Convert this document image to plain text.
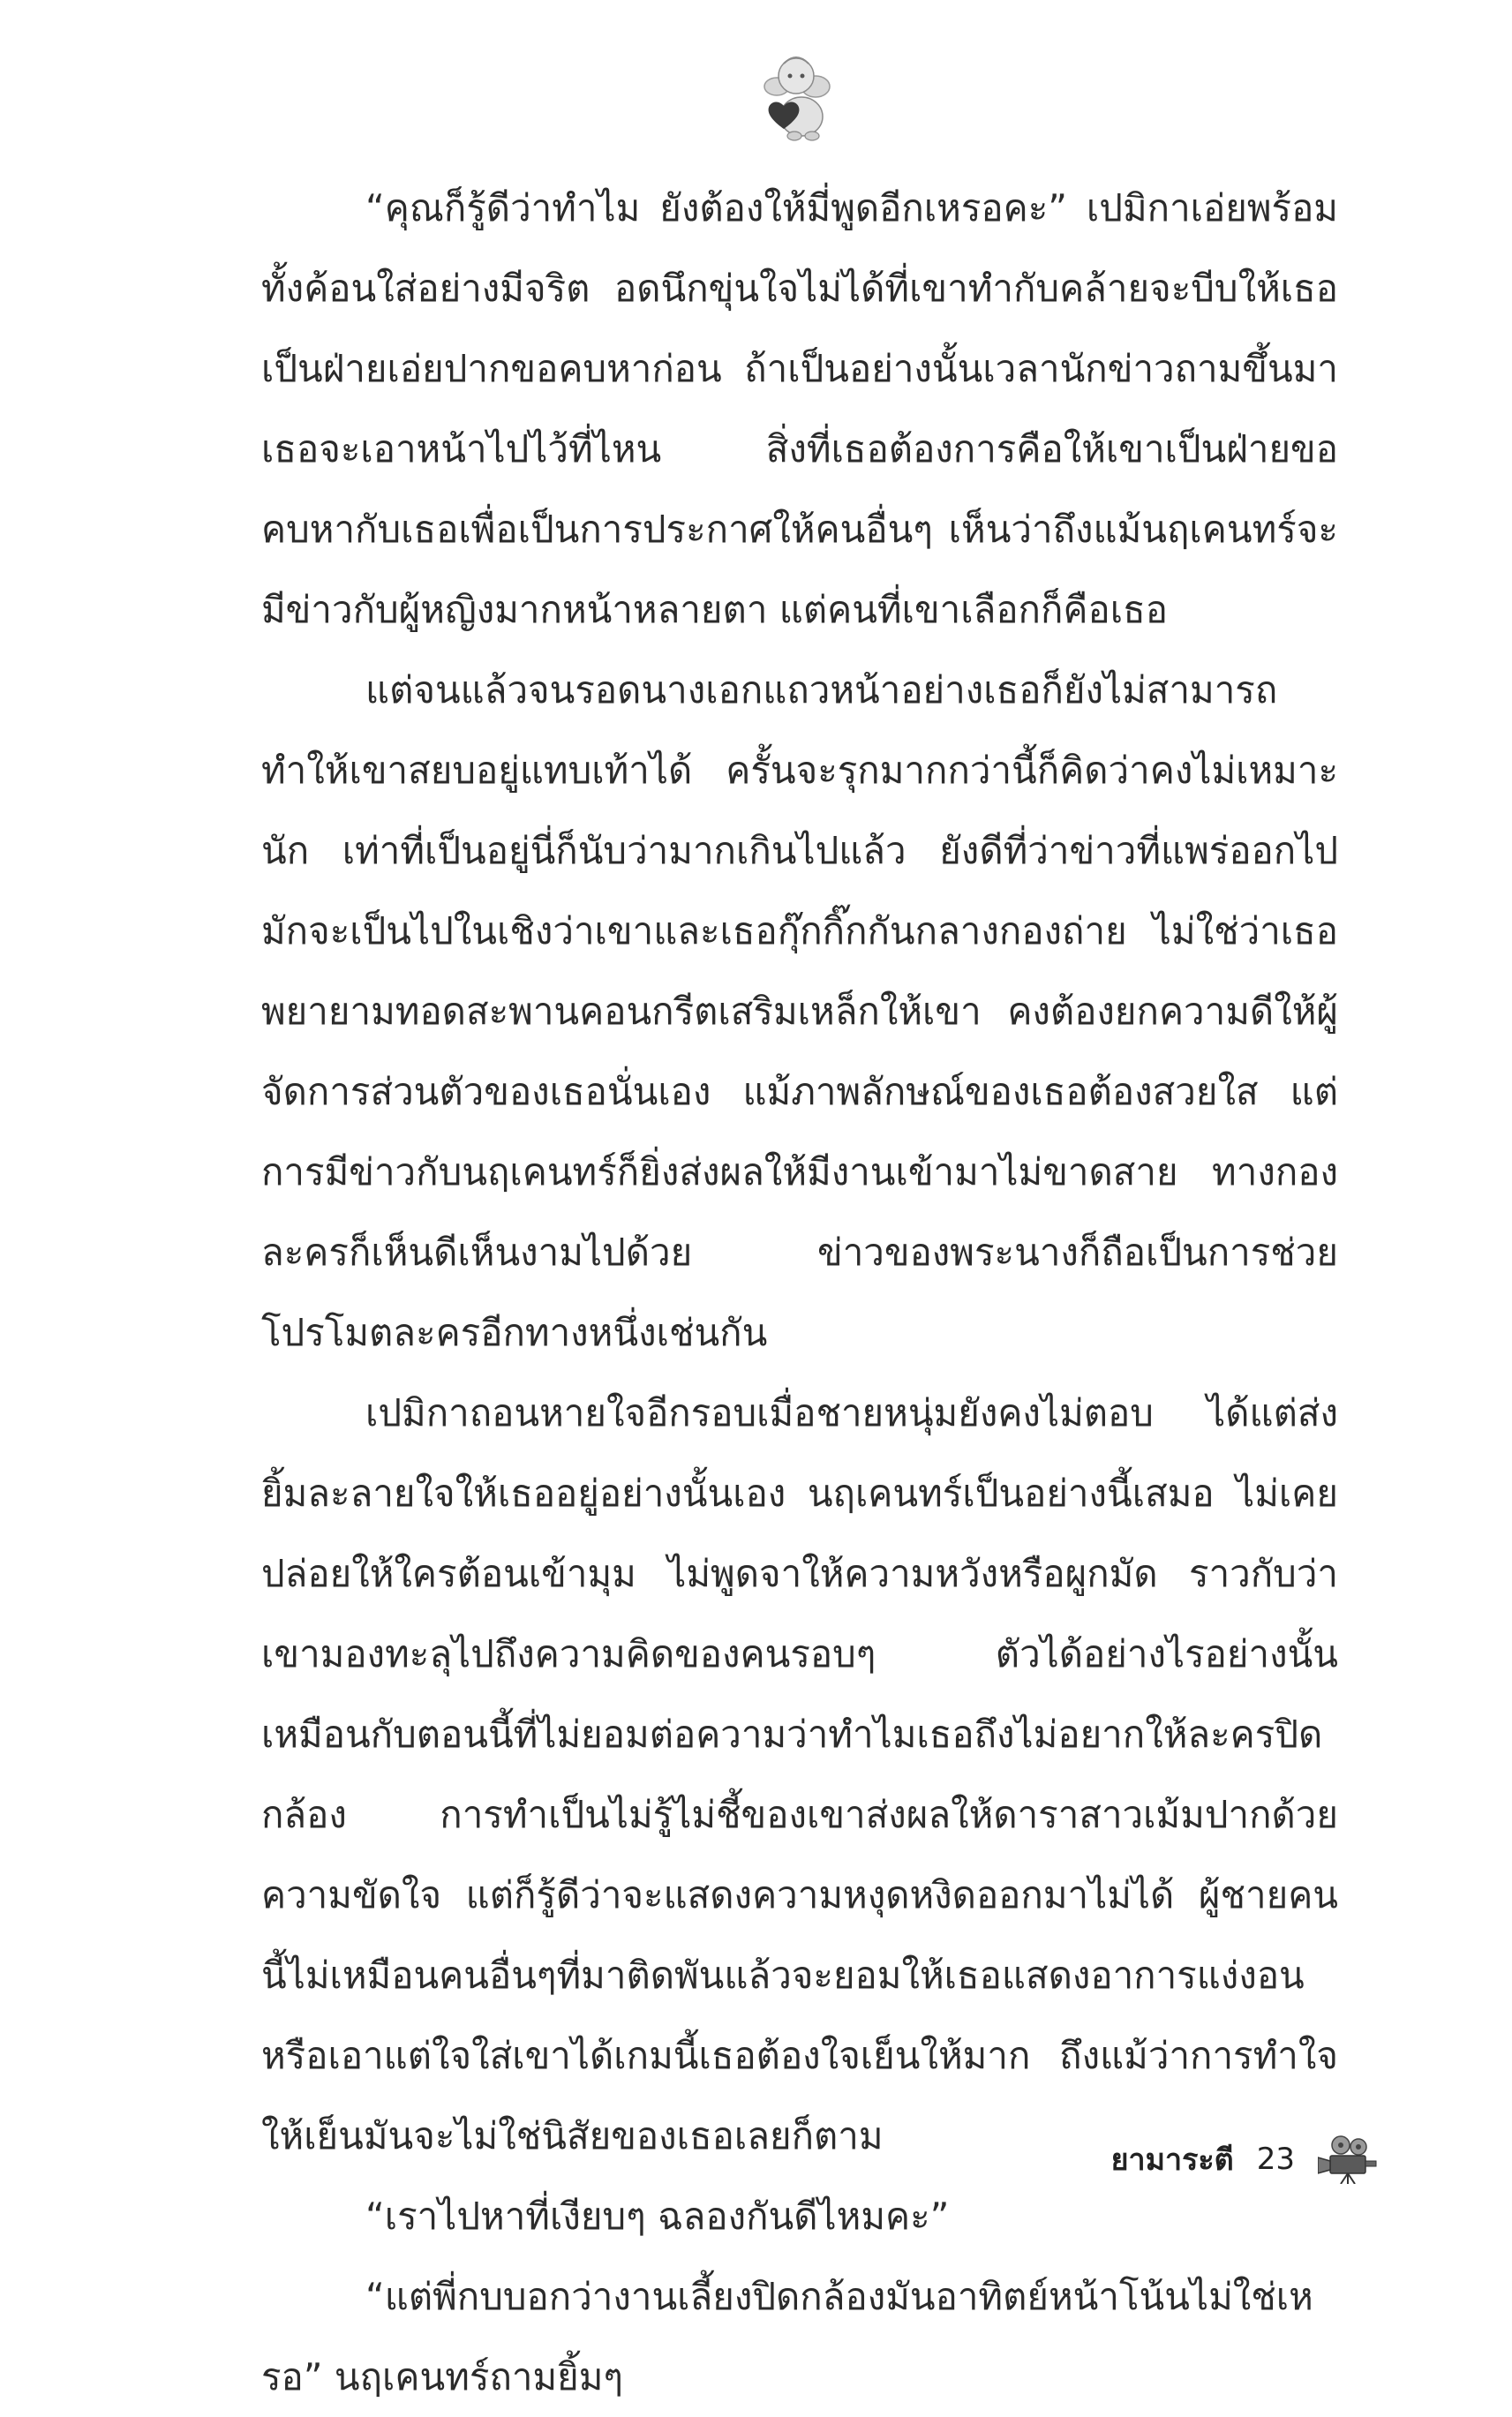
“คุณก็รู้ดีว่าทำไม ยังต้องให้มี่พูดอีกเหรอคะ” เปมิกาเอ่ยพร้อมทั้งค้อนใส่อย่างมีจริต อดนึกขุ่นใจไม่ได้ที่เขาทำกับคล้ายจะบีบให้เธอเป็นฝ่ายเอ่ยปากขอคบหาก่อน ถ้าเป็นอย่างนั้นเวลานักข่าวถามขึ้นมาเธอจะเอาหน้าไปไว้ที่ไหน สิ่งที่เธอต้องการคือให้เขาเป็นฝ่ายขอคบหากับเธอเพื่อเป็นการประกาศให้คนอื่นๆ เห็นว่าถึงแม้นฤเคนทร์จะมีข่าวกับผู้หญิงมากหน้าหลายตา แต่คนที่เขาเลือกก็คือเธอ

แต่จนแล้วจนรอดนางเอกแถวหน้าอย่างเธอก็ยังไม่สามารถทำให้เขาสยบอยู่แทบเท้าได้ ครั้นจะรุกมากกว่านี้ก็คิดว่าคงไม่เหมาะนัก เท่าที่เป็นอยู่นี่ก็นับว่ามากเกินไปแล้ว ยังดีที่ว่าข่าวที่แพร่ออกไปมักจะเป็นไปในเชิงว่าเขาและเธอกุ๊กกิ๊กกันกลางกองถ่าย ไม่ใช่ว่าเธอพยายามทอดสะพานคอนกรีตเสริมเหล็กให้เขา คงต้องยกความดีให้ผู้จัดการส่วนตัวของเธอนั่นเอง แม้ภาพลักษณ์ของเธอต้องสวยใส แต่การมีข่าวกับนฤเคนทร์ก็ยิ่งส่งผลให้มีงานเข้ามาไม่ขาดสาย ทางกองละครก็เห็นดีเห็นงามไปด้วย ข่าวของพระนางก็ถือเป็นการช่วยโปรโมตละครอีกทางหนึ่งเช่นกัน

เปมิกาถอนหายใจอีกรอบเมื่อชายหนุ่มยังคงไม่ตอบ ได้แต่ส่งยิ้มละลายใจให้เธออยู่อย่างนั้นเอง นฤเคนทร์เป็นอย่างนี้เสมอ ไม่เคยปล่อยให้ใครต้อนเข้ามุม ไม่พูดจาให้ความหวังหรือผูกมัด ราวกับว่าเขามองทะลุไปถึงความคิดของคนรอบๆ ตัวได้อย่างไรอย่างนั้น เหมือนกับตอนนี้ที่ไม่ยอมต่อความว่าทำไมเธอถึงไม่อยากให้ละครปิดกล้อง การทำเป็นไม่รู้ไม่ชี้ของเขาส่งผลให้ดาราสาวเม้มปากด้วยความขัดใจ แต่ก็รู้ดีว่าจะแสดงความหงุดหงิดออกมาไม่ได้ ผู้ชายคนนี้ไม่เหมือนคนอื่นๆที่มาติดพันแล้วจะยอมให้เธอแสดงอาการแง่งอนหรือเอาแต่ใจใส่เขาได้เกมนี้เธอต้องใจเย็นให้มาก ถึงแม้ว่าการทำใจให้เย็นมันจะไม่ใช่นิสัยของเธอเลยก็ตาม

“เราไปหาที่เงียบๆ ฉลองกันดีไหมคะ”

“แต่พี่กบบอกว่างานเลี้ยงปิดกล้องมันอาทิตย์หน้าโน้นไม่ใช่เหรอ” นฤเคนทร์ถามยิ้มๆ

ยามาระตี 23
